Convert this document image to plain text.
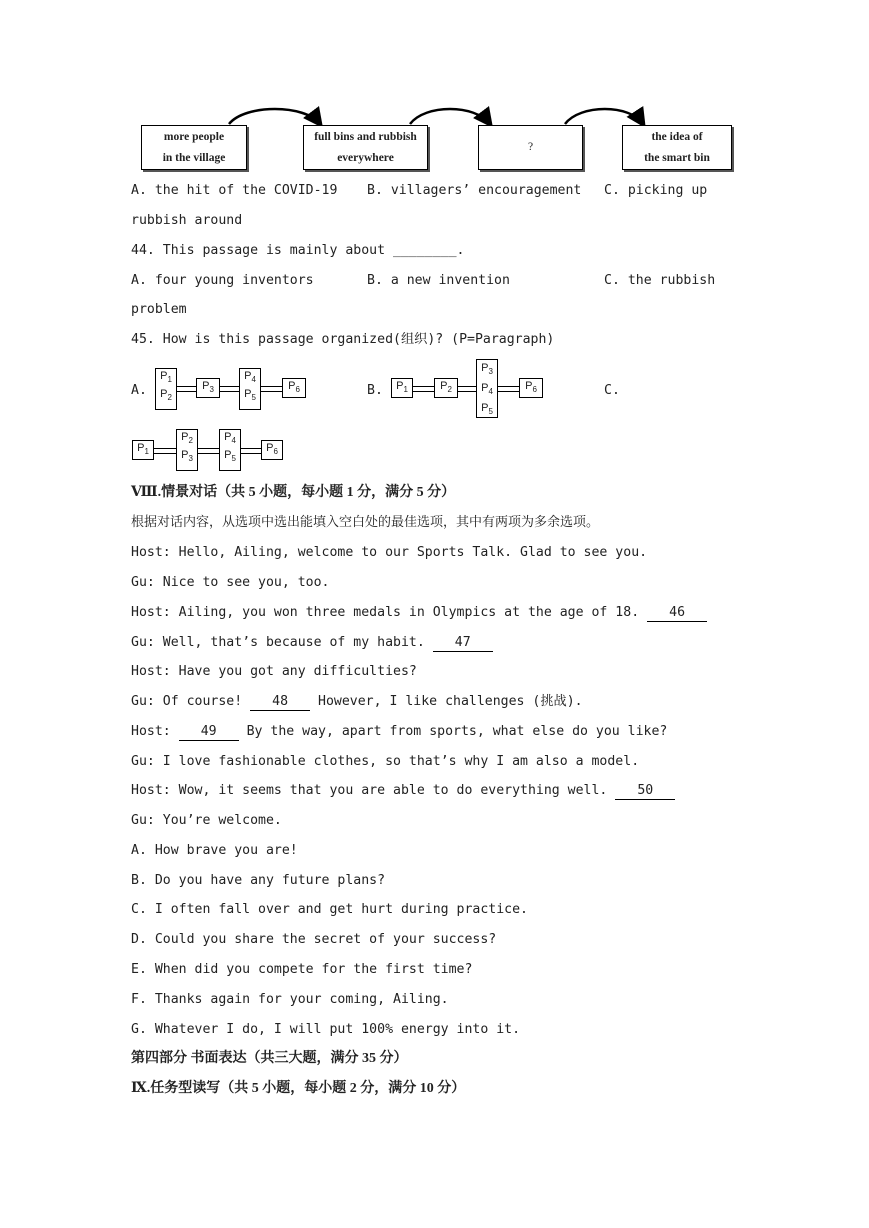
more people
in the village
full bins and rubbish
everywhere
?
the idea of
the smart bin
A. the hit of the COVID-19 B. villagers’ encouragement C. picking up
rubbish around
44. This passage is mainly about ________.
A. four young inventors	B. a new invention	C. the rubbish
problem
45. How is this passage organized(组织)? (P=Paragraph)
A.	B.	C.
$P_1$
$P_2$
$P_3$
$P_4$
$P_5$
$P_6$	$P_1$	$P_2$
$P_3$
$P_4$
$P_5$
$P_6$
$P_1$
$P_2$
$P_3$
$P_4$
$P_5$
$P_6$
Ⅷ.情景对话（共 5 小题，每小题 1 分，满分 5 分）
根据对话内容，从选项中选出能填入空白处的最佳选项，其中有两项为多余选项。
Host: Hello, Ailing, welcome to our Sports Talk. Glad to see you.
Gu: Nice to see you, too.
Host: Ailing, you won three medals in Olympics at the age of 18. 46
Gu: Well, that’s because of my habit. 47
Host: Have you got any difficulties?
Gu: Of course! 48 However, I like challenges (挑战).
Host: 49 By the way, apart from sports, what else do you like?
Gu: I love fashionable clothes, so that’s why I am also a model.
Host: Wow, it seems that you are able to do everything well. 50
Gu: You’re welcome.
A. How brave you are!
B. Do you have any future plans?
C. I often fall over and get hurt during practice.
D. Could you share the secret of your success?
E. When did you compete for the first time?
F. Thanks again for your coming, Ailing.
G. Whatever I do, I will put 100% energy into it.
第四部分 书面表达（共三大题，满分 35 分）
Ⅸ.任务型读写（共 5 小题，每小题 2 分，满分 10 分）
